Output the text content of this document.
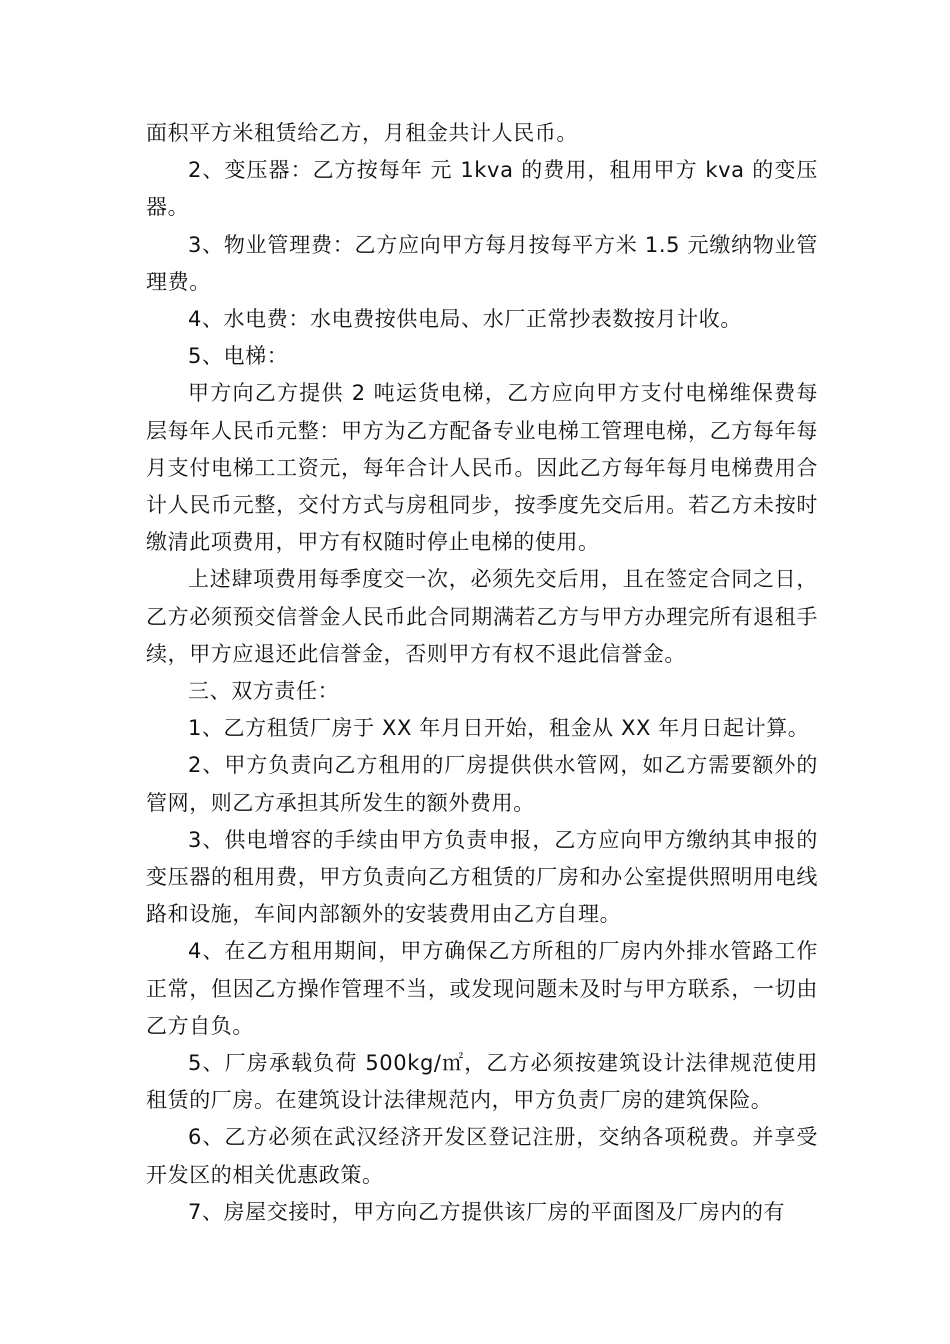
面积平方米租赁给乙方，月租金共计人民币。

2、变压器：乙方按每年 元 1kva 的费用，租用甲方 kva 的变压器。

3、物业管理费：乙方应向甲方每月按每平方米 1.5 元缴纳物业管理费。

4、水电费：水电费按供电局、水厂正常抄表数按月计收。

5、电梯：

甲方向乙方提供 2 吨运货电梯，乙方应向甲方支付电梯维保费每层每年人民币元整：甲方为乙方配备专业电梯工管理电梯，乙方每年每月支付电梯工工资元，每年合计人民币。因此乙方每年每月电梯费用合计人民币元整，交付方式与房租同步，按季度先交后用。若乙方未按时缴清此项费用，甲方有权随时停止电梯的使用。

上述肆项费用每季度交一次，必须先交后用，且在签定合同之日，乙方必须预交信誉金人民币此合同期满若乙方与甲方办理完所有退租手续，甲方应退还此信誉金，否则甲方有权不退此信誉金。

三、双方责任：

1、乙方租赁厂房于 XX 年月日开始，租金从 XX 年月日起计算。

2、甲方负责向乙方租用的厂房提供供水管网，如乙方需要额外的管网，则乙方承担其所发生的额外费用。

3、供电增容的手续由甲方负责申报，乙方应向甲方缴纳其申报的变压器的租用费，甲方负责向乙方租赁的厂房和办公室提供照明用电线路和设施，车间内部额外的安装费用由乙方自理。

4、在乙方租用期间，甲方确保乙方所租的厂房内外排水管路工作正常，但因乙方操作管理不当，或发现问题未及时与甲方联系，一切由乙方自负。

5、厂房承载负荷 500kg/㎡，乙方必须按建筑设计法律规范使用租赁的厂房。在建筑设计法律规范内，甲方负责厂房的建筑保险。

6、乙方必须在武汉经济开发区登记注册，交纳各项税费。并享受开发区的相关优惠政策。

7、房屋交接时，甲方向乙方提供该厂房的平面图及厂房内的有
